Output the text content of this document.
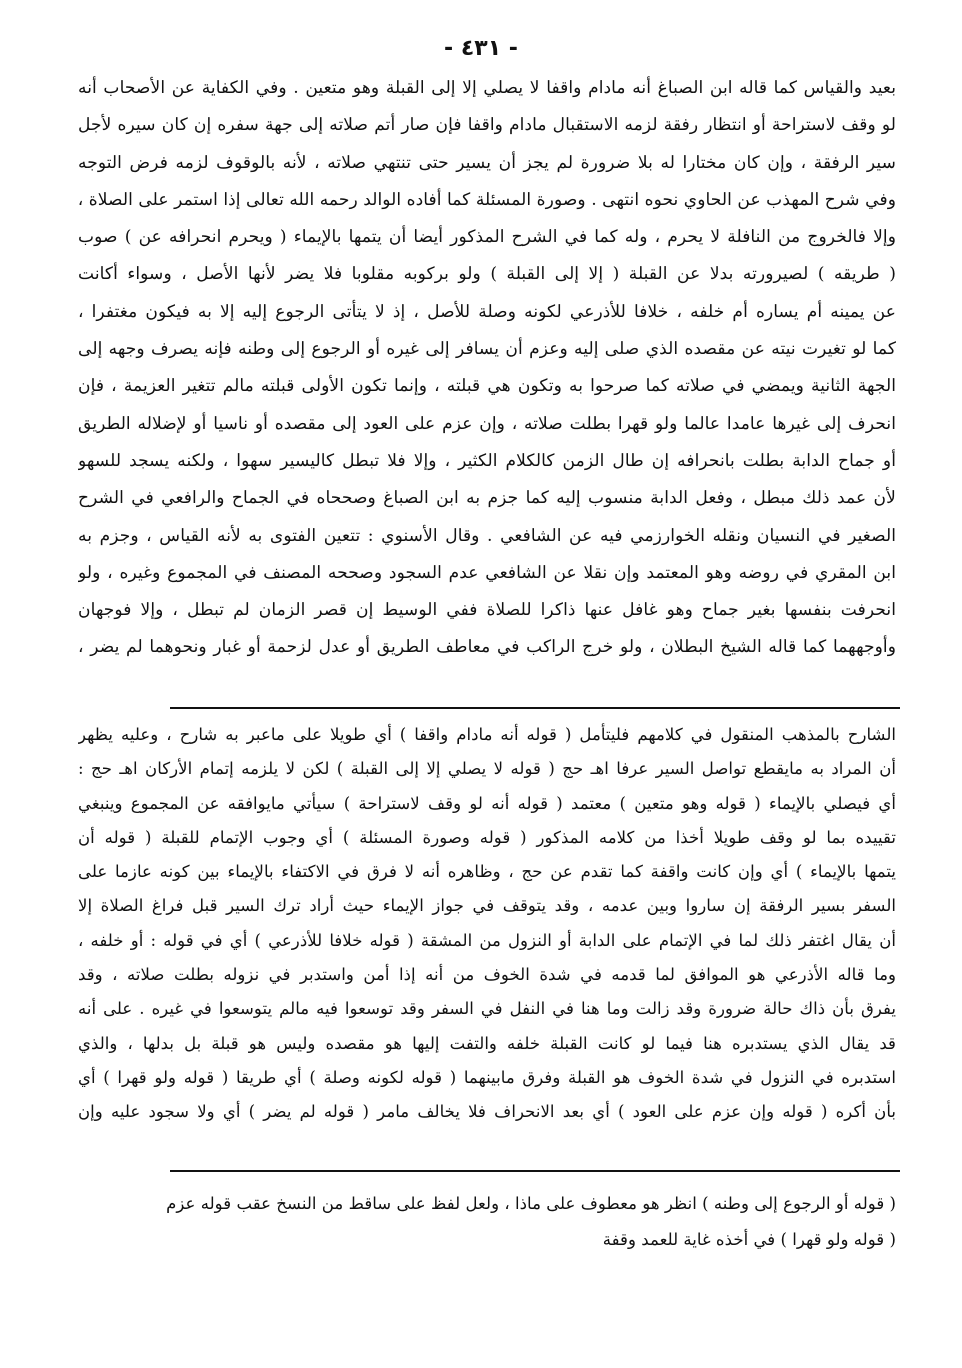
- ٤٣١ -
بعيد والقياس كما قاله ابن الصباغ أنه مادام واقفا لا يصلي إلا إلى القبلة وهو متعين . وفي الكفاية عن الأصحاب أنه
لو وقف لاستراحة أو انتظار رفقة لزمه الاستقبال مادام واقفا فإن صار أتم صلاته إلى جهة سفره إن كان سيره لأجل
سير الرفقة ، وإن كان مختارا له بلا ضرورة لم يجز أن يسير حتى تنتهي صلاته ، لأنه بالوقوف لزمه فرض التوجه
وفي شرح المهذب عن الحاوي نحوه انتهى . وصورة المسئلة كما أفاده الوالد رحمه الله تعالى إذا استمر على الصلاة ،
وإلا فالخروج من النافلة لا يحرم ، وله كما في الشرح المذكور أيضا أن يتمها بالإيماء ( ويحرم انحرافه عن ) صوب
( طريقه ) لصيرورته بدلا عن القبلة ( إلا إلى القبلة ) ولو بركوبه مقلوبا فلا يضر لأنها الأصل ، وسواء أكانت
عن يمينه أم يساره أم خلفه ، خلافا للأذرعي لكونه وصلة للأصل ، إذ لا يتأتى الرجوع إليه إلا به فيكون مغتفرا ،
كما لو تغيرت نيته عن مقصده الذي صلى إليه وعزم أن يسافر إلى غيره أو الرجوع إلى وطنه فإنه يصرف وجهه إلى
الجهة الثانية ويمضي في صلاته كما صرحوا به وتكون هي قبلته ، وإنما تكون الأولى قبلته مالم تتغير العزيمة ، فإن
انحرف إلى غيرها عامدا عالما ولو قهرا بطلت صلاته ، وإن عزم على العود إلى مقصده أو ناسيا أو لإضلاله الطريق
أو جماح الدابة بطلت بانحرافه إن طال الزمن كالكلام الكثير ، وإلا فلا تبطل كاليسير سهوا ، ولكنه يسجد للسهو
لأن عمد ذلك مبطل ، وفعل الدابة منسوب إليه كما جزم به ابن الصباغ وصححاه في الجماح والرافعي في الشرح
الصغير في النسيان ونقله الخوارزمي فيه عن الشافعي . وقال الأسنوي : تتعين الفتوى به لأنه القياس ، وجزم به
ابن المقري في روضه وهو المعتمد وإن نقلا عن الشافعي عدم السجود وصححه المصنف في المجموع وغيره ، ولو
انحرفت بنفسها بغير جماح وهو غافل عنها ذاكرا للصلاة ففي الوسيط إن قصر الزمان لم تبطل ، وإلا فوجهان
وأوجههما كما قاله الشيخ البطلان ، ولو خرج الراكب في معاطف الطريق أو عدل لزحمة أو غبار ونحوهما لم يضر ،
الشارح بالمذهب المنقول في كلامهم فليتأمل ( قوله أنه مادام واقفا ) أي طويلا على ماعبر به شارح ، وعليه يظهر
أن المراد به مايقطع تواصل السير عرفا اهـ حج ( قوله لا يصلي إلا إلى القبلة ) لكن لا يلزمه إتمام الأركان اهـ حج :
أي فيصلي بالإيماء ( قوله وهو متعين ) معتمد ( قوله أنه لو وقف لاستراحة ) سيأتي مايوافقه عن المجموع وينبغي
تقييده بما لو وقف طويلا أخذا من كلامه المذكور ( قوله وصورة المسئلة ) أي وجوب الإتمام للقبلة ( قوله أن
يتمها بالإيماء ) أي وإن كانت واقفة كما تقدم عن حج ، وظاهره أنه لا فرق في الاكتفاء بالإيماء بين كونه عازما على
السفر بسير الرفقة إن ساروا وبين عدمه ، وقد يتوقف في جواز الإيماء حيث أراد ترك السير قبل فراغ الصلاة إلا
أن يقال اغتفر ذلك لما في الإتمام على الدابة أو النزول من المشقة ( قوله خلافا للأذرعي ) أي في قوله : أو خلفه ،
وما قاله الأذرعي هو الموافق لما قدمه في شدة الخوف من أنه إذا أمن واستدبر في نزوله بطلت صلاته ، وقد
يفرق بأن ذاك حالة ضرورة وقد زالت وما هنا في النفل في السفر وقد توسعوا فيه مالم يتوسعوا في غيره . على أنه
قد يقال الذي يستدبره هنا فيما لو كانت القبلة خلفه والتفت إليها هو مقصده وليس هو قبلة بل بدلها ، والذي
استدبره في النزول في شدة الخوف هو القبلة وفرق مابينهما ( قوله لكونه وصلة ) أي طريقا ( قوله ولو قهرا ) أي
بأن أكره ( قوله وإن عزم على العود ) أي بعد الانحراف فلا يخالف مامر ( قوله لم يضر ) أي ولا سجود عليه وإن
( قوله أو الرجوع إلى وطنه ) انظر هو معطوف على ماذا ، ولعل لفظ على ساقط من النسخ عقب قوله عزم
( قوله ولو قهرا ) في أخذه غاية للعمد وقفة
